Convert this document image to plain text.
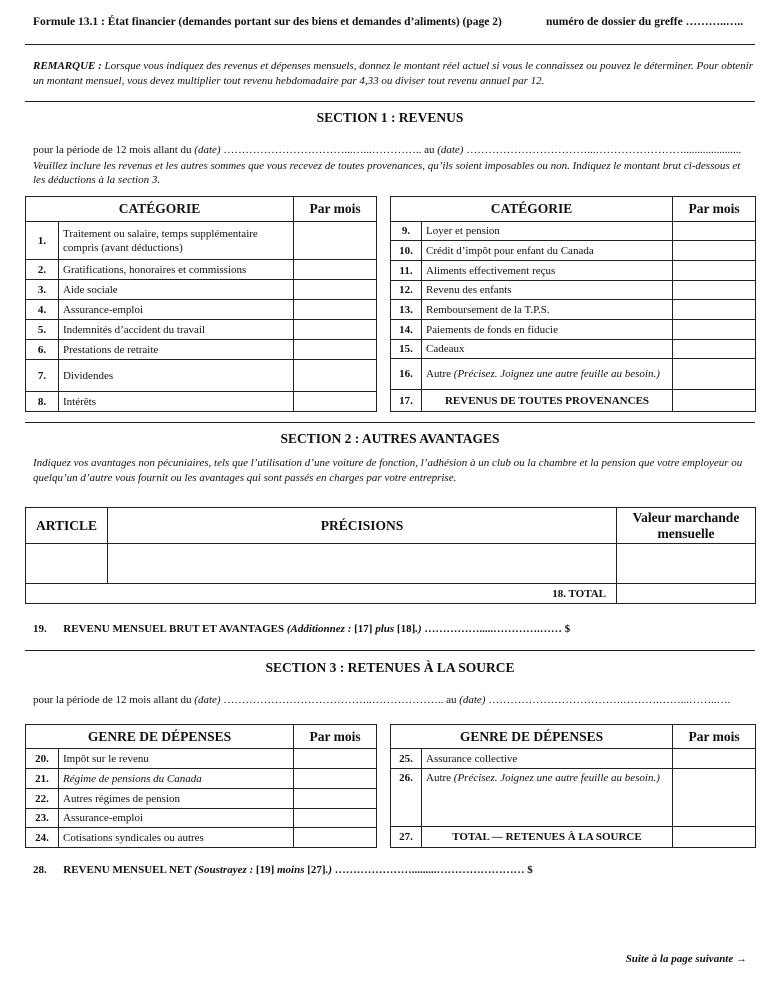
Formule 13.1 : État financier (demandes portant sur des biens et demandes d’aliments) (page 2)	numéro de dossier du greffe ………..…..
REMARQUE : Lorsque vous indiquez des revenus et dépenses mensuels, donnez le montant réel actuel si vous le connaissez ou pouvez le déterminer. Pour obtenir un montant mensuel, vous devez multiplier tout revenu hebdomadaire par 4,33 ou diviser tout revenu annuel par 12.
SECTION 1 : REVENUS
pour la période de 12 mois allant du (date) ……………………………...…...………….. au (date) ……………………………...…………………….....................
Veuillez inclure les revenus et les autres sommes que vous recevez de toutes provenances, qu’ils soient imposables ou non. Indiquez le montant brut ci-dessous et les déductions à la section 3.
CATÉGORIE		Par mois
1.	Traitement ou salaire, temps supplémentaire compris (avant déductions)	
2.	Gratifications, honoraires et commissions	
3.	Aide sociale	
4.	Assurance-emploi	
5.	Indemnités d’accident du travail	
6.	Prestations de retraite	
7.	Dividendes	
8.	Intérêts	
CATÉGORIE		Par mois
9.	Loyer et pension	
10.	Crédit d’impôt pour enfant du Canada	
11.	Aliments effectivement reçus	
12.	Revenu des enfants	
13.	Remboursement de la T.P.S.	
14.	Paiements de fonds en fiducie	
15.	Cadeaux	
16.	Autre (Précisez. Joignez une autre feuille au besoin.)	
17.	REVENUS DE TOUTES PROVENANCES	
SECTION 2 : AUTRES AVANTAGES
Indiquez vos avantages non pécuniaires, tels que l’utilisation d’une voiture de fonction, l’adhésion à un club ou la chambre et la pension que votre employeur ou quelqu’un d’autre vous fournit ou les avantages qui sont passés en charges par votre entreprise.
ARTICLE	PRÉCISIONS	Valeur marchande mensuelle

18. TOTAL		
19. REVENU MENSUEL BRUT ET AVANTAGES (Additionnez : [17] plus [18].) …………….....………….…… $
SECTION 3 : RETENUES À LA SOURCE
pour la période de 12 mois allant du (date) …………………………………..……………….. au (date) ……………………………….……….……...……..….
GENRE DE DÉPENSES		Par mois
20.	Impôt sur le revenu	
21.	Régime de pensions du Canada	
22.	Autres régimes de pension	
23.	Assurance-emploi	
24.	Cotisations syndicales ou autres	
GENRE DE DÉPENSES		Par mois
25.	Assurance collective	
26.	Autre (Précisez. Joignez une autre feuille au besoin.)	
27.	TOTAL — RETENUES À LA SOURCE	
28. REVENU MENSUEL NET (Soustrayez : [19] moins [27].) ………………….........…………………… $
Suite à la page suivante →
